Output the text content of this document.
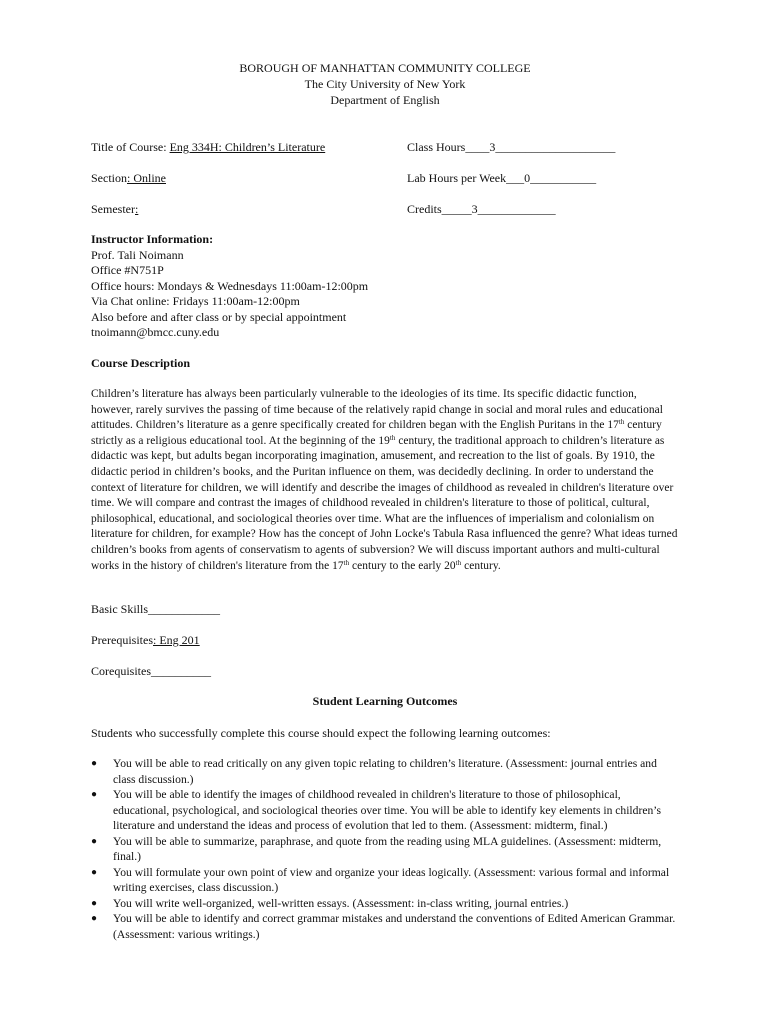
BOROUGH OF MANHATTAN COMMUNITY COLLEGE
The City University of New York
Department of English
Title of Course: Eng 334H: Children’s Literature	Class Hours____3____________________
Section: Online	Lab Hours per Week___0___________
Semester:	Credits_____3_____________
Instructor Information:
Prof. Tali Noimann
Office #N751P
Office hours: Mondays & Wednesdays 11:00am-12:00pm
Via Chat online: Fridays 11:00am-12:00pm
Also before and after class or by special appointment
tnoimann@bmcc.cuny.edu
Course Description

Children’s literature has always been particularly vulnerable to the ideologies of its time. Its specific didactic function, however, rarely survives the passing of time because of the relatively rapid change in social and moral rules and educational attitudes. Children’s literature as a genre specifically created for children began with the English Puritans in the 17th century strictly as a religious educational tool. At the beginning of the 19th century, the traditional approach to children’s literature as didactic was kept, but adults began incorporating imagination, amusement, and recreation to the list of goals. By 1910, the didactic period in children’s books, and the Puritan influence on them, was decidedly declining. In order to understand the context of literature for children, we will identify and describe the images of childhood as revealed in children's literature over time. We will compare and contrast the images of childhood revealed in children's literature to those of political, cultural, philosophical, educational, and sociological theories over time. What are the influences of imperialism and colonialism on literature for children, for example? How has the concept of John Locke's Tabula Rasa influenced the genre? What ideas turned children’s books from agents of conservatism to agents of subversion? We will discuss important authors and multi-cultural works in the history of children's literature from the 17th century to the early 20th century.

Basic Skills____________
Prerequisites: Eng 201
Corequisites__________
Student Learning Outcomes
Students who successfully complete this course should expect the following learning outcomes:
●	You will be able to read critically on any given topic relating to children’s literature. (Assessment: journal entries and class discussion.)
●	You will be able to identify the images of childhood revealed in children's literature to those of philosophical, educational, psychological, and sociological theories over time. You will be able to identify key elements in children’s literature and understand the ideas and process of evolution that led to them. (Assessment: midterm, final.)
●	You will be able to summarize, paraphrase, and quote from the reading using MLA guidelines. (Assessment: midterm, final.)
●	You will formulate your own point of view and organize your ideas logically. (Assessment: various formal and informal writing exercises, class discussion.)
●	You will write well-organized, well-written essays. (Assessment: in-class writing, journal entries.)
●	You will be able to identify and correct grammar mistakes and understand the conventions of Edited American Grammar. (Assessment: various writings.)
